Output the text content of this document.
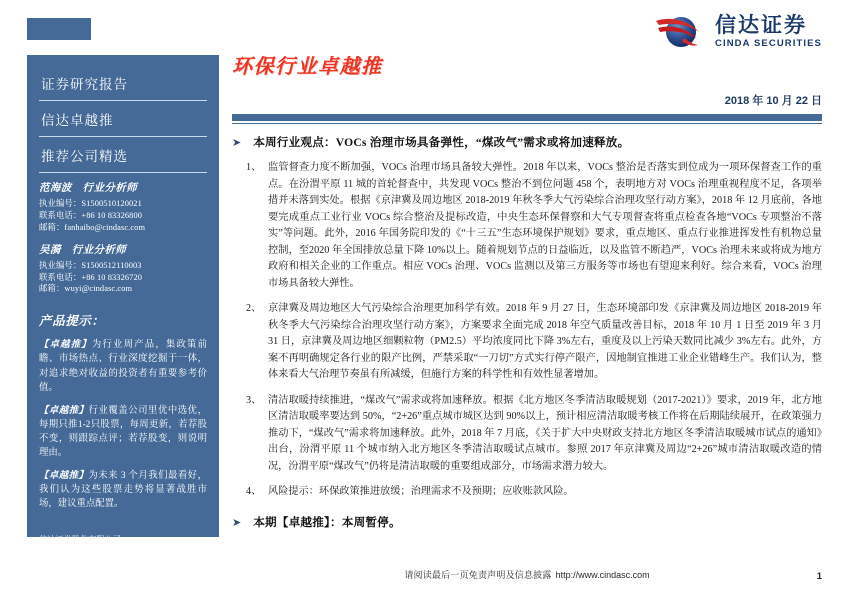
信达证券
CINDA SECURITIES
证券研究报告
信达卓越推
推荐公司精选
范海波　行业分析师
执业编号：S1500510120021
联系电话：+86 10 83326800
邮箱：fanhaibo@cindasc.com
吴漪　行业分析师
执业编号：S1500512110003
联系电话：+86 10 83326720
邮箱：wuyi@cindasc.com
产品提示：
【卓越推】为行业周产品，集政策前瞻、市场热点、行业深度挖掘于一体，对追求绝对收益的投资者有重要参考价值。
【卓越推】行业覆盖公司里优中选优，每期只推1-2只股票，每周更新，若荐股不变，则跟踪点评；若荐股变，则说明理由。
【卓越推】为未来 3 个月我们最看好，我们认为这些股票走势将显著战胜市场，建议重点配置。
信达证券股份有限公司
CINDA SECURITIES CO.,LTD
北京市西城区闹市口大街9号院1号楼
邮编：100031
环保行业卓越推
2018 年 10 月 22 日
➤ 本周行业观点：VOCs 治理市场具备弹性，“煤改气”需求或将加速释放。
1、 监管督查力度不断加强，VOCs 治理市场具备较大弹性。2018 年以来，VOCs 整治是否落实到位成为一项环保督查工作的重点。在汾渭平原 11 城的首轮督查中，共发现 VOCs 整治不到位问题 458 个，表明地方对 VOCs 治理重视程度不足，各项举措并未落到实处。根据《京津冀及周边地区 2018-2019 年秋冬季大气污染综合治理攻坚行动方案》，2018 年 12 月底前，各地要完成重点工业行业 VOCs 综合整治及提标改造，中央生态环保督察和大气专项督查将重点检查各地“VOCs 专项整治不落实”等问题。此外，2016 年国务院印发的《“十三五”生态环境保护规划》要求，重点地区、重点行业推进挥发性有机物总量控制，至2020 年全国排放总量下降 10%以上。随着规划节点的日益临近，以及监管不断趋严，VOCs 治理未来或将成为地方政府和相关企业的工作重点。相应 VOCs 治理、VOCs 监测以及第三方服务等市场也有望迎来利好。综合来看，VOCs 治理市场具备较大弹性。
2、 京津冀及周边地区大气污染综合治理更加科学有效。2018 年 9 月 27 日，生态环境部印发《京津冀及周边地区 2018-2019 年秋冬季大气污染综合治理攻坚行动方案》，方案要求全面完成 2018 年空气质量改善目标，2018 年 10 月 1 日至 2019 年 3 月 31 日，京津冀及周边地区细颗粒物（PM2.5）平均浓度同比下降 3%左右，重度及以上污染天数同比减少 3%左右。此外，方案不再明确规定各行业的限产比例，严禁采取“一刀切”方式实行停产限产，因地制宜推进工业企业错峰生产。我们认为，整体来看大气治理节奏虽有所减缓，但施行方案的科学性和有效性显著增加。
3、 清洁取暖持续推进，“煤改气”需求或将加速释放。根据《北方地区冬季清洁取暖规划（2017-2021）》要求，2019 年，北方地区清洁取暖率要达到 50%，“2+26”重点城市城区达到 90%以上，预计相应清洁取暖考核工作将在后期陆续展开，在政策强力推动下，“煤改气”需求将加速释放。此外，2018 年 7 月底，《关于扩大中央财政支持北方地区冬季清洁取暖城市试点的通知》出台，汾渭平原 11 个城市纳入北方地区冬季清洁取暖试点城市。参照 2017 年京津冀及周边“2+26”城市清洁取暖改造的情况，汾渭平原“煤改气”仍将是清洁取暖的重要组成部分，市场需求潜力较大。
4、 风险提示：环保政策推进放缓；治理需求不及预期；应收账款风险。
➤ 本期【卓越推】：本周暂停。
请阅读最后一页免责声明及信息披露 http://www.cindasc.com	1
